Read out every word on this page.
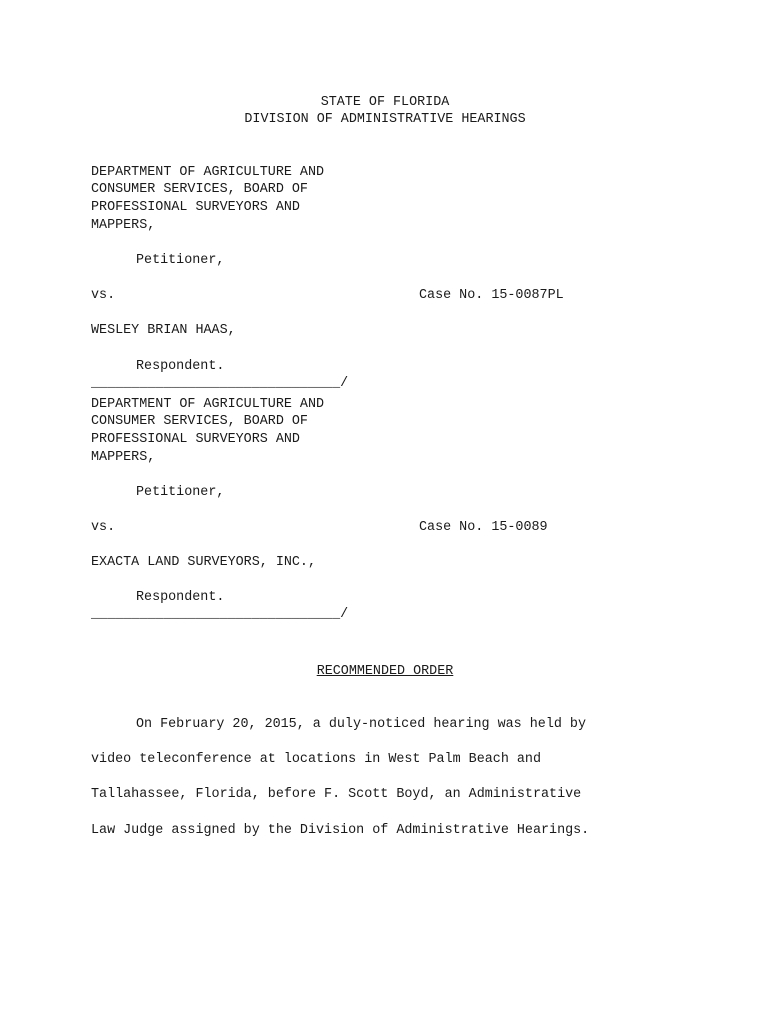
STATE OF FLORIDA
DIVISION OF ADMINISTRATIVE HEARINGS
DEPARTMENT OF AGRICULTURE AND
CONSUMER SERVICES, BOARD OF
PROFESSIONAL SURVEYORS AND
MAPPERS,
Petitioner,
vs.	Case No. 15-0087PL
WESLEY BRIAN HAAS,
Respondent.
_______________________________/
DEPARTMENT OF AGRICULTURE AND
CONSUMER SERVICES, BOARD OF
PROFESSIONAL SURVEYORS AND
MAPPERS,
Petitioner,
vs.	Case No. 15-0089
EXACTA LAND SURVEYORS, INC.,
Respondent.
_______________________________/
RECOMMENDED ORDER
On February 20, 2015, a duly-noticed hearing was held by
video teleconference at locations in West Palm Beach and
Tallahassee, Florida, before F. Scott Boyd, an Administrative
Law Judge assigned by the Division of Administrative Hearings.
